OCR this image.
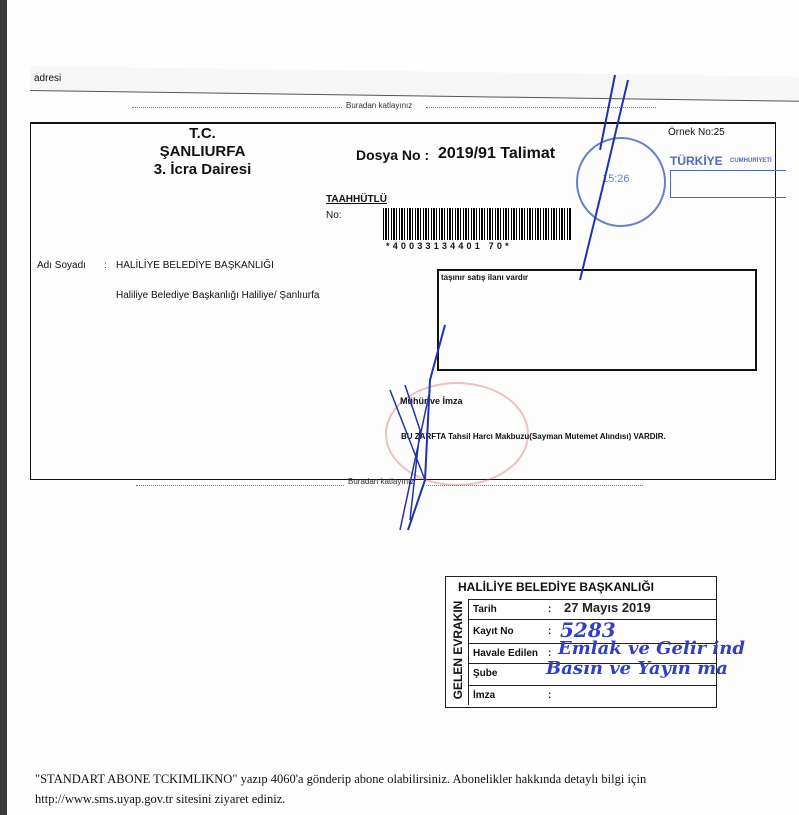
adresi
Buradan katlayınız
T.C.
ŞANLIURFA
3. İcra Dairesi
Dosya No : 2019/91 Talimat
Örnek No:25
15:26
TÜRKİYE CUMHURİYETİ
TAAHHÜTLÜ
No:
*40033134401 70*
Adı Soyadı : HALİLİYE BELEDİYE BAŞKANLIĞI
Haliliye Belediye Başkanlığı Haliliye/ Şanlıurfa
taşınır satış ilanı vardır
Mühür ve İmza
BU ZARFTA Tahsil Harcı Makbuzu(Sayman Mutemet Alındısı) VARDIR.
Buradan katlayınız
HALİLİYE BELEDİYE BAŞKANLIĞI
GELEN EVRAKIN Tarih	: 27 Mayıs 2019
Kayıt No	: 5283
Havale Edilen : Emlak ve Gelir ind
Şube	Basın ve Yayın ma
İmza	:
"STANDART ABONE TCKIMLIKNO" yazıp 4060'a gönderip abone olabilirsiniz. Abonelikler hakkında detaylı bilgi için
http://www.sms.uyap.gov.tr sitesini ziyaret ediniz.
